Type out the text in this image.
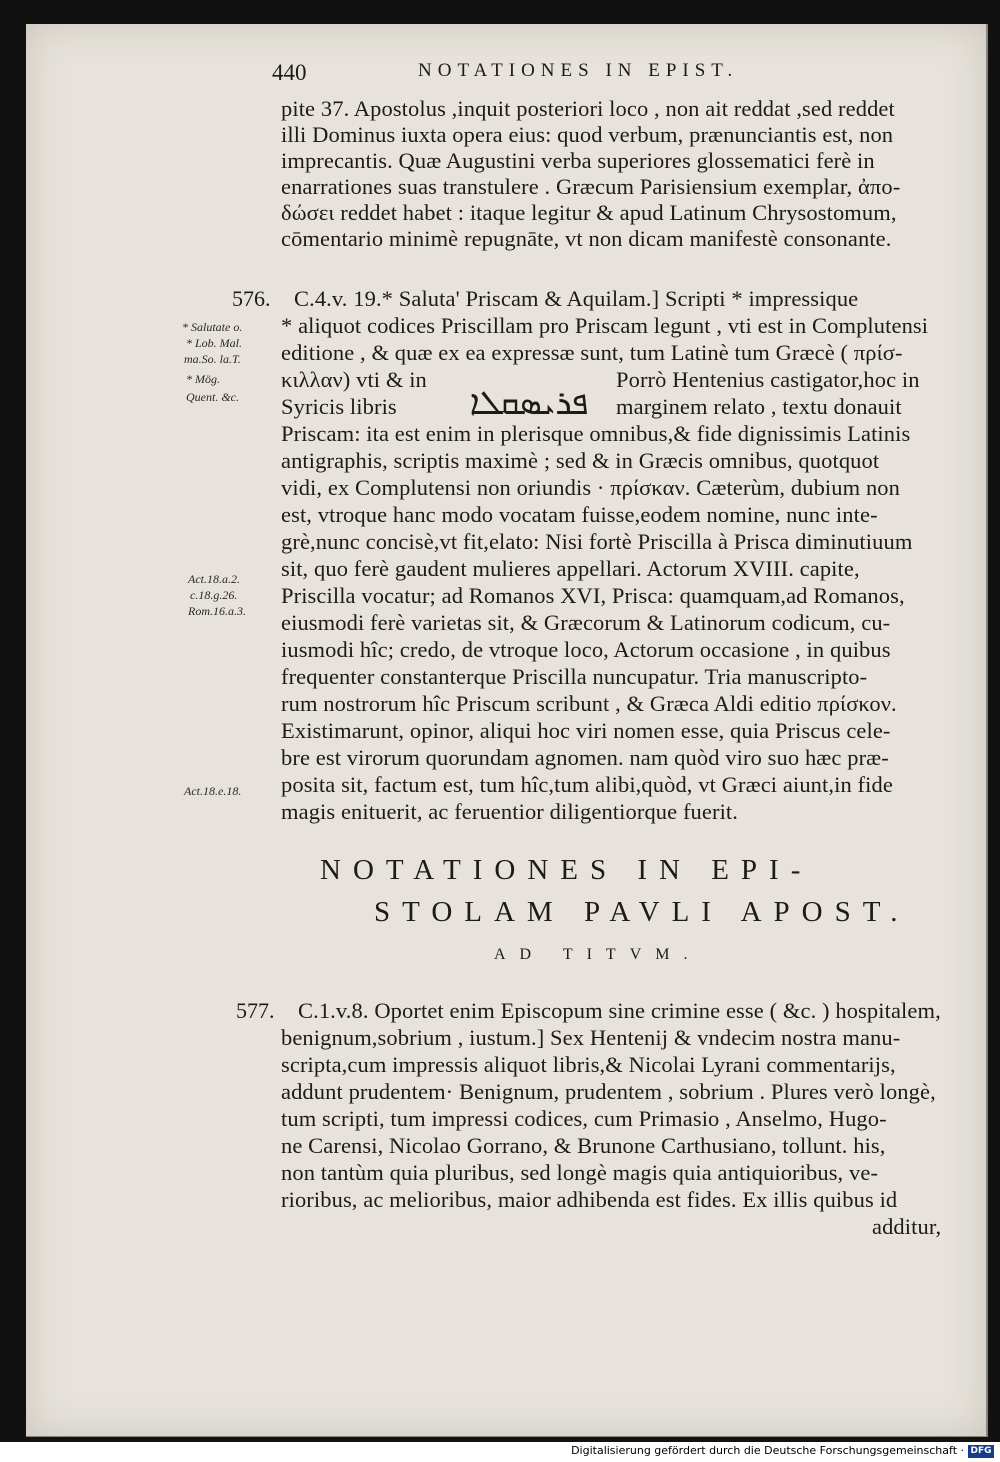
440	NOTATIONES IN EPIST.
pite 37. Apostolus ,inquit posteriori loco , non ait reddat ,sed reddet
illi Dominus iuxta opera eius: quod verbum, prænunciantis est, non
imprecantis. Quæ Augustini verba superiores glossematici ferè in
enarrationes suas transtulere . Græcum Parisiensium exemplar, ἀπο-
δώσει reddet habet : itaque legitur & apud Latinum Chrysostomum,
cōmentario minimè repugnāte, vt non dicam manifestè consonante.
576. C.4.v. 19.* Saluta' Priscam & Aquilam.] Scripti * impressique
* aliquot codices Priscillam pro Priscam legunt , vti est in Complutensi
editione , & quæ ex ea expressæ sunt, tum Latinè tum Græcè ( πρίσ-
κιλλαν) vti & in
Syricis libris
Porrò Hentenius castigator,hoc in
marginem relato , textu donauit
ܦܪܝܣܩܠܐ
Priscam: ita est enim in plerisque omnibus,& fide dignissimis Latinis
antigraphis, scriptis maximè ; sed & in Græcis omnibus, quotquot
vidi, ex Complutensi non oriundis · πρίσκαν. Cæterùm, dubium non
est, vtroque hanc modo vocatam fuisse,eodem nomine, nunc inte-
grè,nunc concisè,vt fit,elato: Nisi fortè Priscilla à Prisca diminutiuum
sit, quo ferè gaudent mulieres appellari. Actorum XVIII. capite,
Priscilla vocatur; ad Romanos XVI, Prisca: quamquam,ad Romanos,
eiusmodi ferè varietas sit, & Græcorum & Latinorum codicum, cu-
iusmodi hîc; credo, de vtroque loco, Actorum occasione , in quibus
frequenter constanterque Priscilla nuncupatur. Tria manuscripto-
rum nostrorum hîc Priscum scribunt , & Græca Aldi editio πρίσκον.
Existimarunt, opinor, aliqui hoc viri nomen esse, quia Priscus cele-
bre est virorum quorundam agnomen. nam quòd viro suo hæc præ-
posita sit, factum est, tum hîc,tum alibi,quòd, vt Græci aiunt,in fide
magis enituerit, ac feruentior diligentiorque fuerit.
* Salutate o.
* Lob. Mal.
ma.So. la.T.
* Mög.
Quent. &c.
Act.18.a.2.
c.18.g.26.
Rom.16.a.3.
Act.18.e.18.
NOTATIONES IN EPI-
STOLAM PAVLI APOST.
AD TITVM.
577. C.1.v.8. Oportet enim Episcopum sine crimine esse ( &c. ) hospitalem,
benignum,sobrium , iustum.] Sex Hentenij & vndecim nostra manu-
scripta,cum impressis aliquot libris,& Nicolai Lyrani commentarijs,
addunt prudentem· Benignum, prudentem , sobrium . Plures verò longè,
tum scripti, tum impressi codices, cum Primasio , Anselmo, Hugo-
ne Carensi, Nicolao Gorrano, & Brunone Carthusiano, tollunt. his,
non tantùm quia pluribus, sed longè magis quia antiquioribus, ve-
rioribus, ac melioribus, maior adhibenda est fides. Ex illis quibus id
additur,
Digitalisierung gefördert durch die Deutsche Forschungsgemeinschaft · DFG
